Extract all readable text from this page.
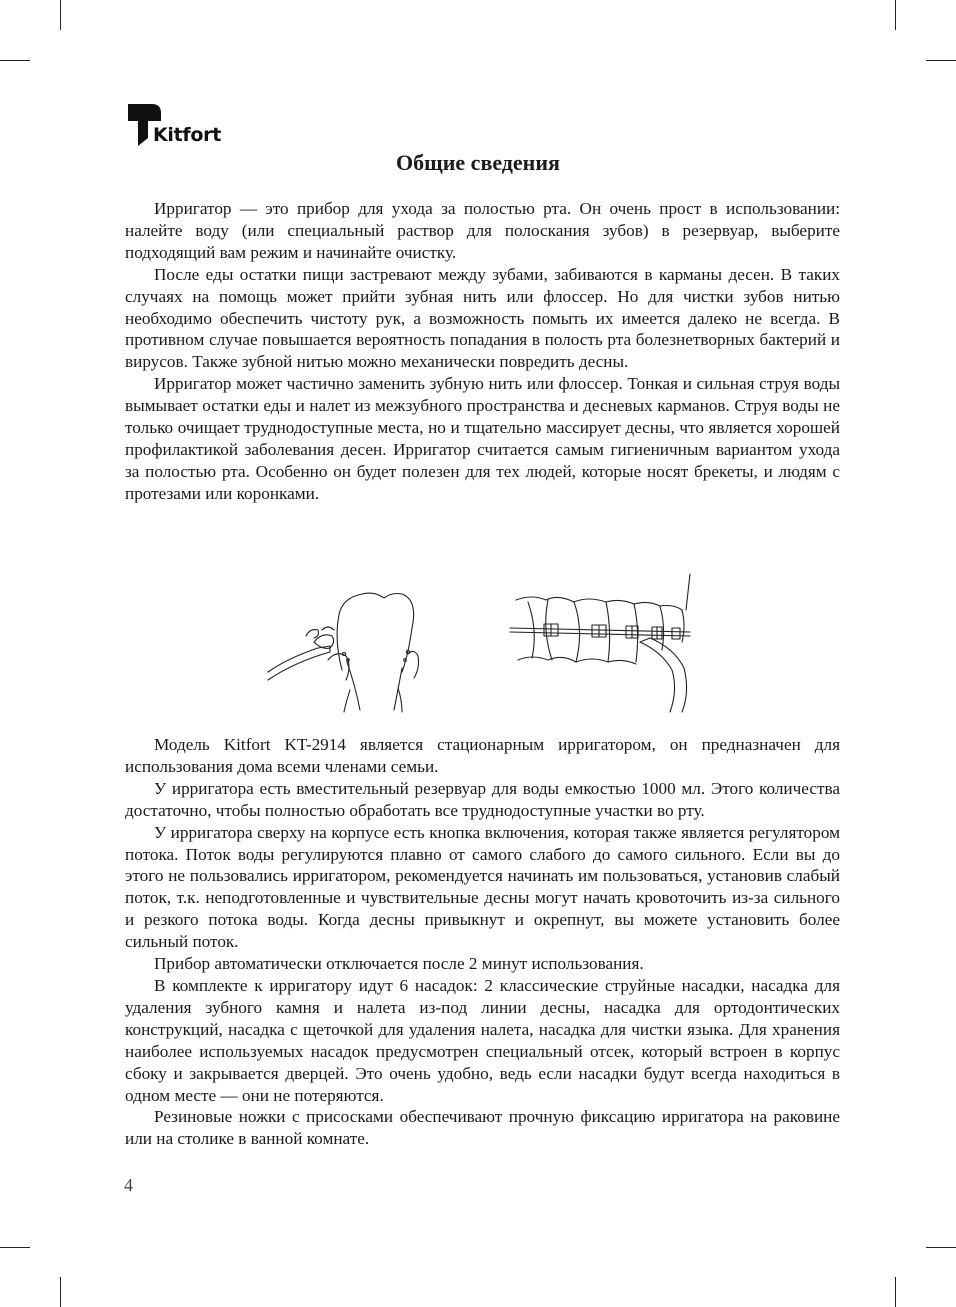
Kitfort
Общие сведения

Ирригатор — это прибор для ухода за полостью рта. Он очень прост в использовании: налейте воду (или специальный раствор для полоскания зубов) в резервуар, выберите подходящий вам режим и начинайте очистку.

После еды остатки пищи застревают между зубами, забиваются в карманы десен. В таких случаях на помощь может прийти зубная нить или флоссер. Но для чистки зубов нитью необходимо обеспечить чистоту рук, а возможность помыть их имеется далеко не всегда. В противном случае повышается вероятность попадания в полость рта болезнетворных бактерий и вирусов. Также зубной нитью можно механически повредить десны.

Ирригатор может частично заменить зубную нить или флоссер. Тонкая и сильная струя воды вымывает остатки еды и налет из межзубного пространства и десневых карманов. Струя воды не только очищает труднодоступные места, но и тщательно массирует десны, что является хорошей профилактикой заболевания десен. Ирригатор считается самым гигиеничным вариантом ухода за полостью рта. Особенно он будет полезен для тех людей, которые носят брекеты, и людям с протезами или коронками.

Модель Kitfort KT-2914 является стационарным ирригатором, он предназначен для использования дома всеми членами семьи.

У ирригатора есть вместительный резервуар для воды емкостью 1000 мл. Этого количества достаточно, чтобы полностью обработать все труднодоступные участки во рту.

У ирригатора сверху на корпусе есть кнопка включения, которая также является регулятором потока. Поток воды регулируются плавно от самого слабого до самого сильного. Если вы до этого не пользовались ирригатором, рекомендуется начинать им пользоваться, установив слабый поток, т.к. неподготовленные и чувствительные десны могут начать кровоточить из-за сильного и резкого потока воды. Когда десны привыкнут и окрепнут, вы можете установить более сильный поток.

Прибор автоматически отключается после 2 минут использования.

В комплекте к ирригатору идут 6 насадок: 2 классические струйные насадки, насадка для удаления зубного камня и налета из-под линии десны, насадка для ортодонтических конструкций, насадка с щеточкой для удаления налета, насадка для чистки языка. Для хранения наиболее используемых насадок предусмотрен специальный отсек, который встроен в корпус сбоку и закрывается дверцей. Это очень удобно, ведь если насадки будут всегда находиться в одном месте — они не потеряются.

Резиновые ножки с присосками обеспечивают прочную фиксацию ирригатора на раковине или на столике в ванной комнате.

4
